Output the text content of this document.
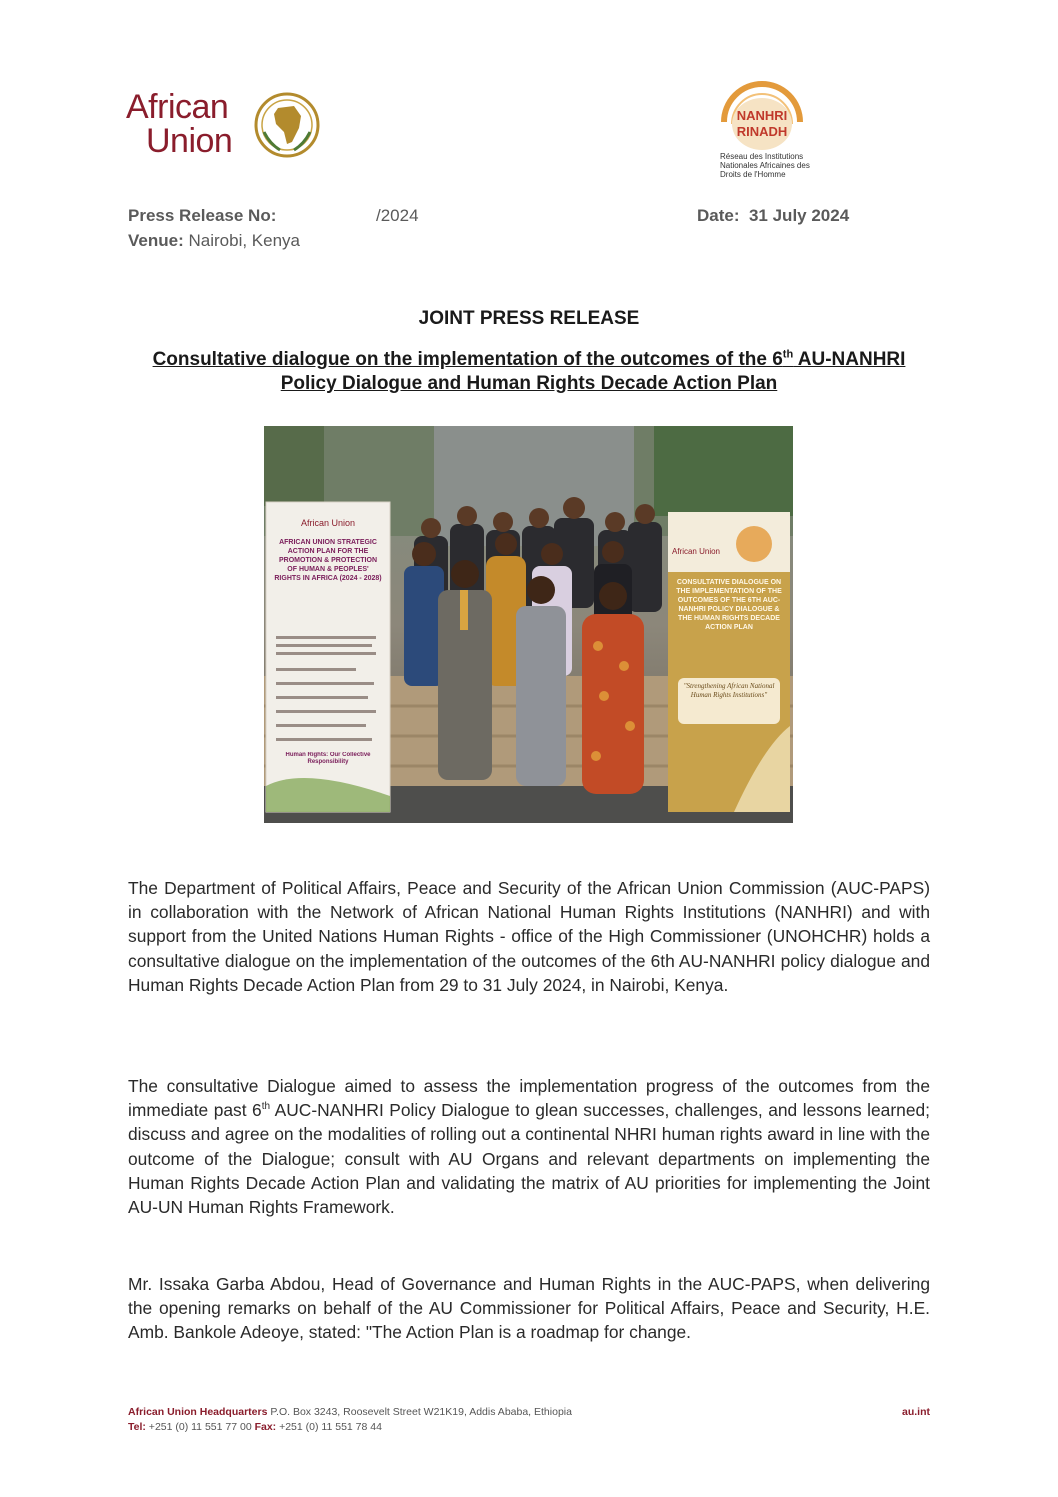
African
Union
NANHRI
RINADH
Réseau des Institutions Nationales Africaines des Droits de l'Homme
Press Release No:	/2024	Date: 31 July 2024
Venue: Nairobi, Kenya
JOINT PRESS RELEASE
Consultative dialogue on the implementation of the outcomes of the 6th AU-NANHRI Policy Dialogue and Human Rights Decade Action Plan
African Union
AFRICAN UNION STRATEGIC ACTION PLAN FOR THE PROMOTION & PROTECTION OF HUMAN & PEOPLES' RIGHTS IN AFRICA (2024 - 2028)
Human Rights: Our Collective Responsibility
African Union
CONSULTATIVE DIALOGUE ON THE IMPLEMENTATION OF THE OUTCOMES OF THE 6TH AUC-NANHRI POLICY DIALOGUE & THE HUMAN RIGHTS DECADE ACTION PLAN
"Strengthening African National Human Rights Institutions"
The Department of Political Affairs, Peace and Security of the African Union Commission (AUC-PAPS) in collaboration with the Network of African National Human Rights Institutions (NANHRI) and with support from the United Nations Human Rights - office of the High Commissioner (UNOHCHR) holds a consultative dialogue on the implementation of the outcomes of the 6th AU-NANHRI policy dialogue and Human Rights Decade Action Plan from 29 to 31 July 2024, in Nairobi, Kenya.
The consultative Dialogue aimed to assess the implementation progress of the outcomes from the immediate past 6th AUC-NANHRI Policy Dialogue to glean successes, challenges, and lessons learned; discuss and agree on the modalities of rolling out a continental NHRI human rights award in line with the outcome of the Dialogue; consult with AU Organs and relevant departments on implementing the Human Rights Decade Action Plan and validating the matrix of AU priorities for implementing the Joint AU-UN Human Rights Framework.
Mr. Issaka Garba Abdou, Head of Governance and Human Rights in the AUC-PAPS, when delivering the opening remarks on behalf of the AU Commissioner for Political Affairs, Peace and Security, H.E. Amb. Bankole Adeoye, stated: "The Action Plan is a roadmap for change.
African Union Headquarters P.O. Box 3243, Roosevelt Street W21K19, Addis Ababa, Ethiopia
Tel: +251 (0) 11 551 77 00 Fax: +251 (0) 11 551 78 44
au.int
